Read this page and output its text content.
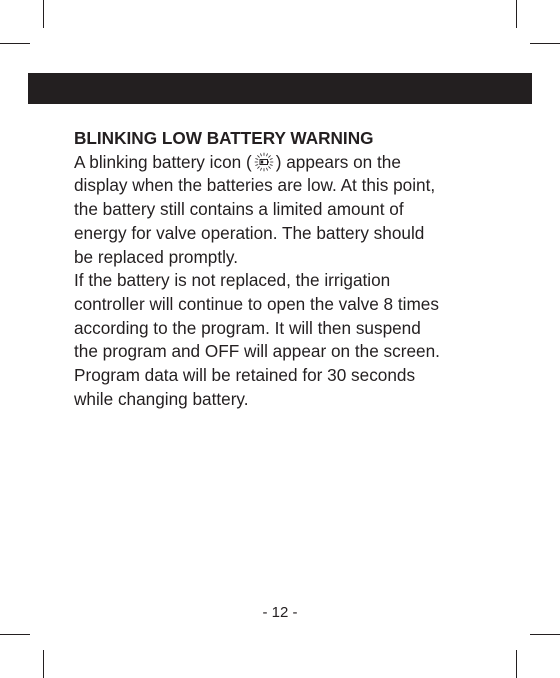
BLINKING LOW BATTERY WARNING

A blinking battery icon ( ) appears on the
display when the batteries are low. At this point,
the battery still contains a limited amount of
energy for valve operation. The battery should
be replaced promptly.

If the battery is not replaced, the irrigation
controller will continue to open the valve 8 times
according to the program. It will then suspend
the program and OFF will appear on the screen.
Program data will be retained for 30 seconds
while changing battery.

- 12 -
